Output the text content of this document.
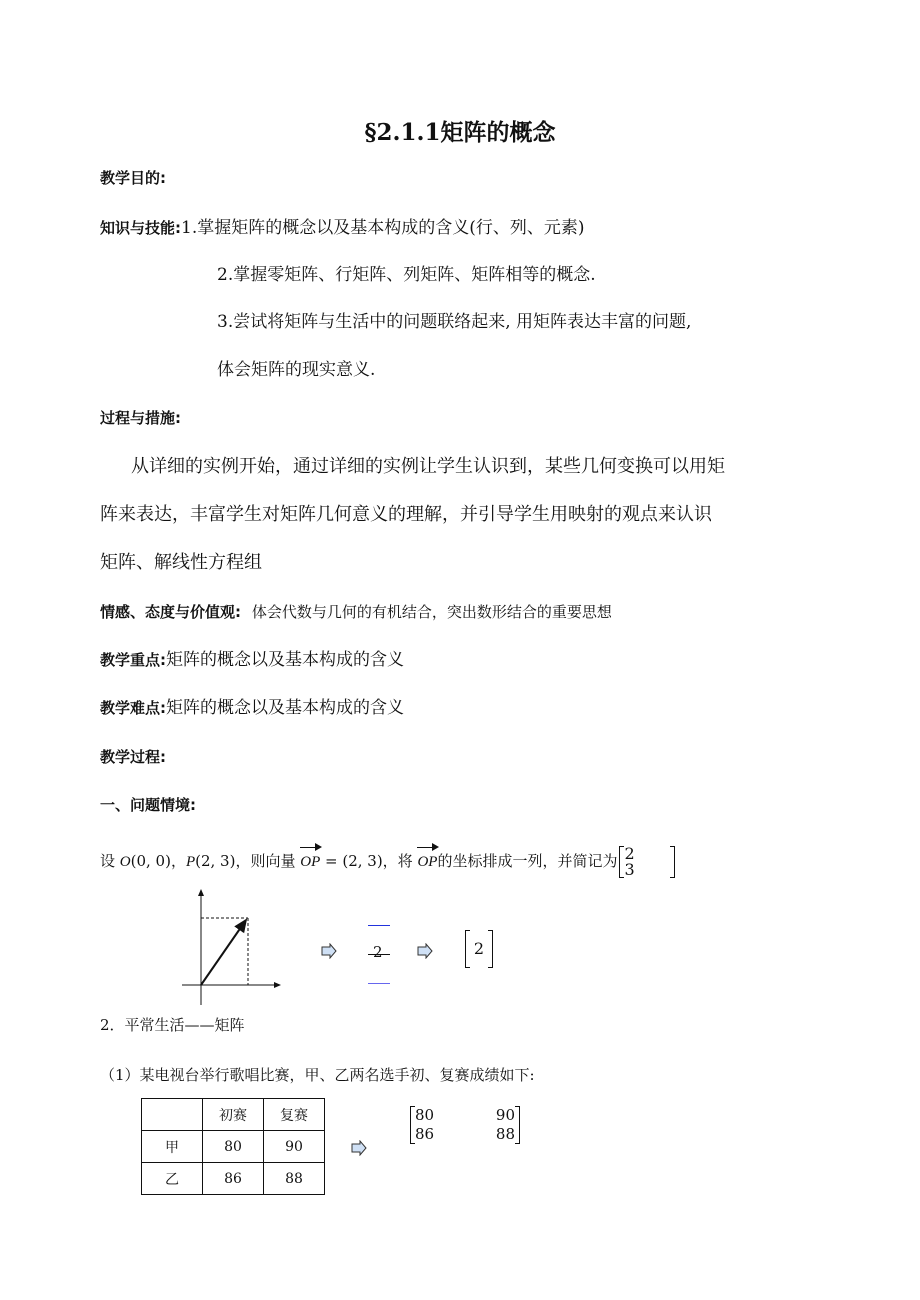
§2.1.1矩阵的概念
教学目的:
知识与技能:1.掌握矩阵的概念以及基本构成的含义(行、列、元素)
2.掌握零矩阵、行矩阵、列矩阵、矩阵相等的概念.
3.尝试将矩阵与生活中的问题联络起来, 用矩阵表达丰富的问题,
体会矩阵的现实意义.
过程与措施:
从详细的实例开始，通过详细的实例让学生认识到，某些几何变换可以用矩
阵来表达，丰富学生对矩阵几何意义的理解，并引导学生用映射的观点来认识
矩阵、解线性方程组
情感、态度与价值观: 体会代数与几何的有机结合，突出数形结合的重要思想
教学重点:矩阵的概念以及基本构成的含义
教学难点:矩阵的概念以及基本构成的含义
教学过程:
一、问题情境:
设 O(0, 0)，P(2, 3)，则向量 OP = (2, 3)，将 OP的坐标排成一列，并简记为 2
3
2	2
2．平常生活——矩阵
（1）某电视台举行歌唱比赛，甲、乙两名选手初、复赛成绩如下:
	初赛	复赛
甲	80	90
乙	86	88
80	90
86	88
